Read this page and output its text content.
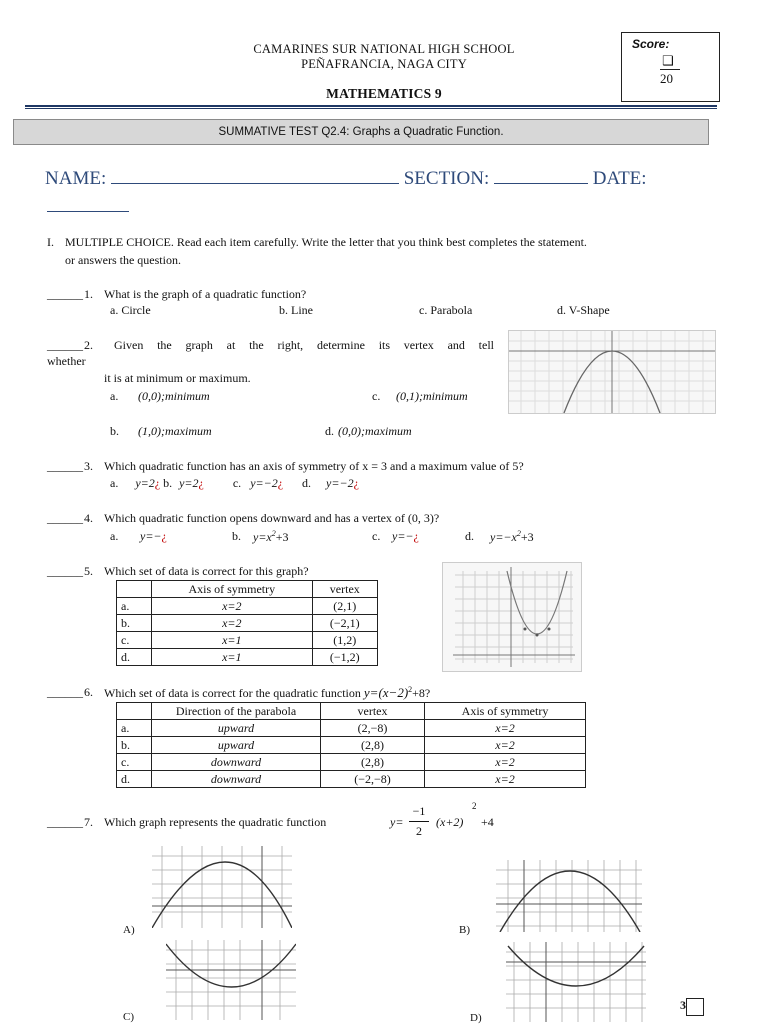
CAMARINES SUR NATIONAL HIGH SCHOOL
PEÑAFRANCIA, NAGA CITY
MATHEMATICS 9
Score:
❑
20
SUMMATIVE TEST Q2.4: Graphs a Quadratic Function.
NAME:	SECTION:	DATE:
I. MULTIPLE CHOICE. Read each item carefully. Write the letter that you think best completes the statement.
or answers the question.
______ 1. What is the graph of a quadratic function?
a. Circle	b. Line	c. Parabola	d. V-Shape
______ 2. Given the graph at the right, determine its vertex and tell
whether
it is at minimum or maximum.
a. (0,0);minimum	c. (0,1);minimum
b. (1,0);maximum	d. (0,0);maximum
______ 3. Which quadratic function has an axis of symmetry of x = 3 and a maximum value of 5?
a. y=2¿ b. y=2¿ c. y=−2¿ d. y=−2¿
______ 4. Which quadratic function opens downward and has a vertex of (0, 3)?
a. y=−¿	b. $y=x^2+3$	c. y=−¿	d. $y=-x^2+3$
______ 5. Which set of data is correct for this graph?
	Axis of symmetry	vertex
a.	x=2	(2,1)
b.	x=2	(−2,1)
c.	x=1	(1,2)
d.	x=1	(−1,2)
______ 6. Which set of data is correct for the quadratic function $y=(x-2)^2+8$?
	Direction of the parabola	vertex	Axis of symmetry
a.	upward	(2,−8)	x=2
b.	upward	(2,8)	x=2
c.	downward	(2,8)	x=2
d.	downward	(−2,−8)	x=2
______ 7. Which graph represents the quadratic function	y=
−1
2
(x+2)
2
+4
A)	B)
C)	D)
3
